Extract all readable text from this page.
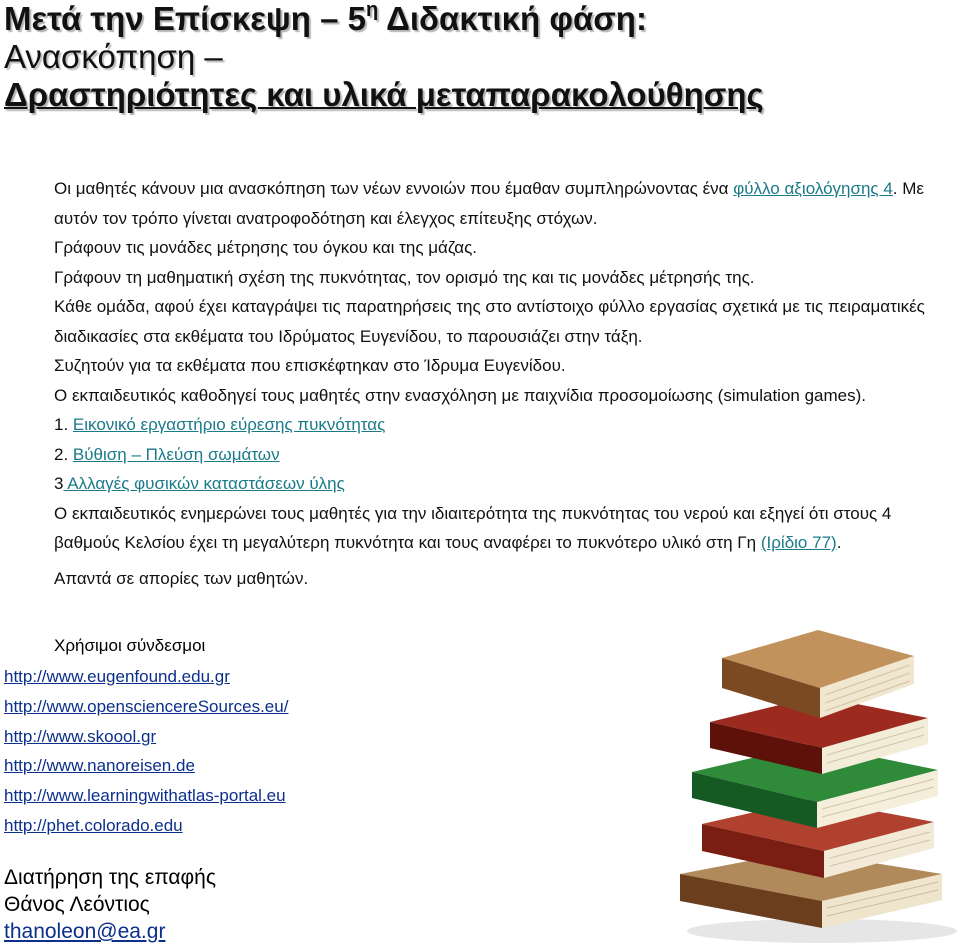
Μετά την Επίσκεψη – $5^\eta$ Διδακτική φάση:
Ανασκόπηση –
Δραστηριότητες και υλικά μεταπαρακολούθησης

Οι μαθητές κάνουν μια ανασκόπηση των νέων εννοιών που έμαθαν συμπληρώνοντας ένα φύλλο αξιολόγησης 4. Με αυτόν τον τρόπο γίνεται ανατροφοδότηση και έλεγχος επίτευξης στόχων.

Γράφουν τις μονάδες μέτρησης του όγκου και της μάζας.

Γράφουν τη μαθηματική σχέση της πυκνότητας, τον ορισμό της και τις μονάδες μέτρησής της.

Κάθε ομάδα, αφού έχει καταγράψει τις παρατηρήσεις της στο αντίστοιχο φύλλο εργασίας σχετικά με τις πειραματικές διαδικασίες στα εκθέματα του Ιδρύματος Ευγενίδου, το παρουσιάζει στην τάξη.

Συζητούν για τα εκθέματα που επισκέφτηκαν στο Ίδρυμα Ευγενίδου.

Ο εκπαιδευτικός καθοδηγεί τους μαθητές στην ενασχόληση με παιχνίδια προσομοίωσης (simulation games).

1. Εικονικό εργαστήριο εύρεσης πυκνότητας

2. Βύθιση – Πλεύση σωμάτων

3 Αλλαγές φυσικών καταστάσεων ύλης

Ο εκπαιδευτικός ενημερώνει τους μαθητές για την ιδιαιτερότητα της πυκνότητας του νερού και εξηγεί ότι στους 4 βαθμούς Κελσίου έχει τη μεγαλύτερη πυκνότητα και τους αναφέρει το πυκνότερο υλικό στη Γη (Ιρίδιο 77).

Απαντά σε απορίες των μαθητών.

Χρήσιμοι σύνδεσμοι
http://www.eugenfound.edu.gr
http://www.opensciencereSources.eu/
http://www.skoool.gr
http://www.nanoreisen.de
http://www.learningwithatlas-portal.eu
http://phet.colorado.edu
Διατήρηση της επαφής
Θάνος Λεόντιος
thanoleon@ea.gr
